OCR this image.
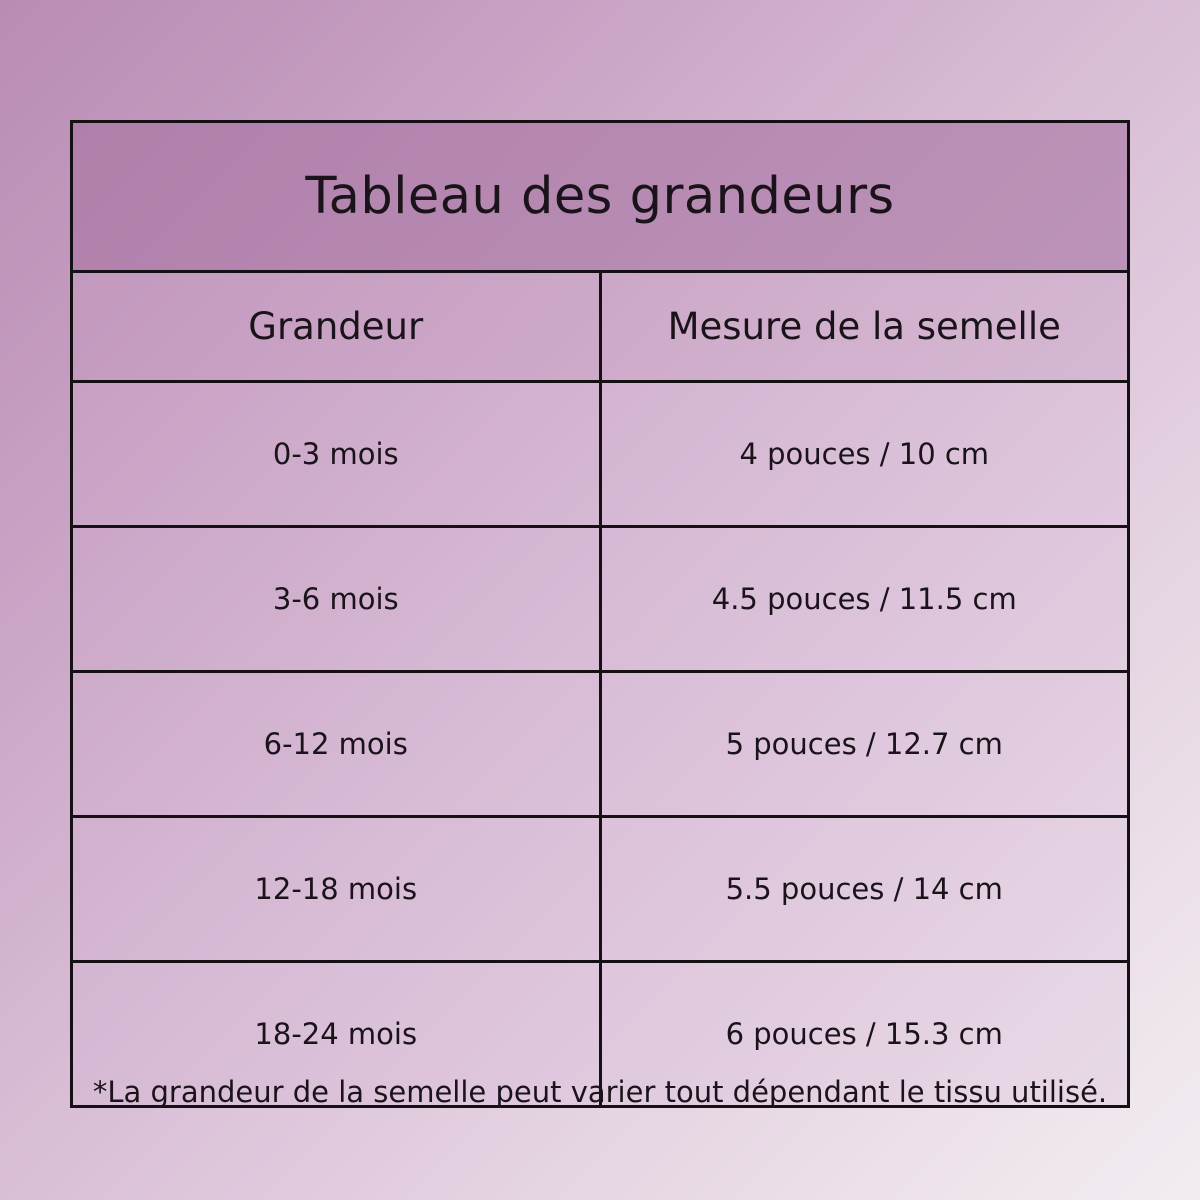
Tableau des grandeurs	
Grandeur	Mesure de la semelle
0-3 mois	4 pouces / 10 cm
3-6 mois	4.5 pouces / 11.5 cm
6-12 mois	5 pouces / 12.7 cm
12-18 mois	5.5 pouces / 14 cm
18-24 mois	6 pouces / 15.3 cm
*La grandeur de la semelle peut varier tout dépendant le tissu utilisé.
